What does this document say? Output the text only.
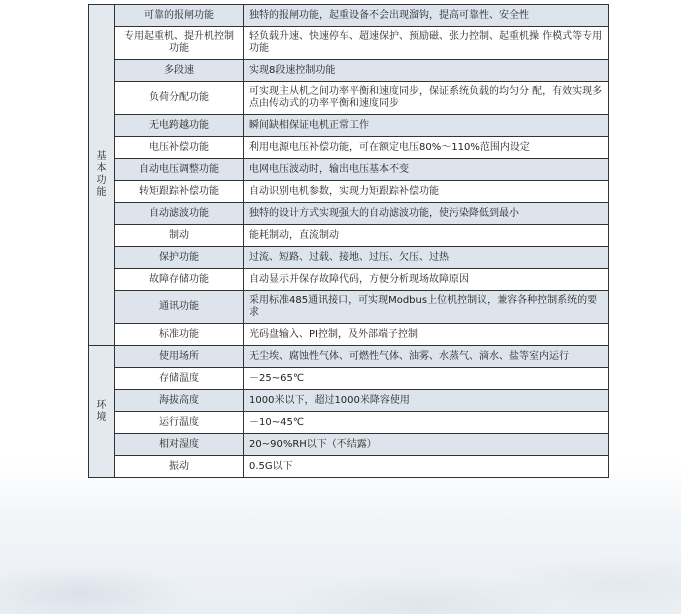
基本功能	可靠的报闸功能	独特的报闸功能，起重设备不会出现溜钩，提高可靠性、安全性
	专用起重机、提升机控制功能	轻负载升速、快速停车、超速保护、预励磁、张力控制、起重机操 作模式等专用功能
	多段速	实现8段速控制功能
	负荷分配功能	可实现主从机之间功率平衡和速度同步，保证系统负载的均匀分 配，有效实现多点由传动式的功率平衡和速度同步
	无电跨越功能	瞬间缺相保证电机正常工作
	电压补偿功能	利用电源电压补偿功能，可在额定电压80%～110%范围内设定
	自动电压调整功能	电网电压波动时，输出电压基本不变
	转矩跟踪补偿功能	自动识别电机参数，实现力矩跟踪补偿功能
	自动滤波功能	独特的设计方式实现强大的自动滤波功能，使污染降低到最小
	制动	能耗制动，直流制动
	保护功能	过流、短路、过载、接地、过压、欠压、过热
	故障存储功能	自动显示并保存故障代码，方便分析现场故障原因
	通讯功能	采用标准485通讯接口，可实现Modbus上位机控制议，兼容各种控制系统的要求
	标准功能	光码盘输入、PI控制，及外部端子控制
环境	使用场所	无尘埃、腐蚀性气体、可燃性气体、油雾、水蒸气、滴水、盐等室内运行
	存储温度	－25~65℃
	海拔高度	1000米以下，超过1000米降容使用
	运行温度	－10~45℃
	相对湿度	20~90%RH以下（不结露）
	振动	0.5G以下
